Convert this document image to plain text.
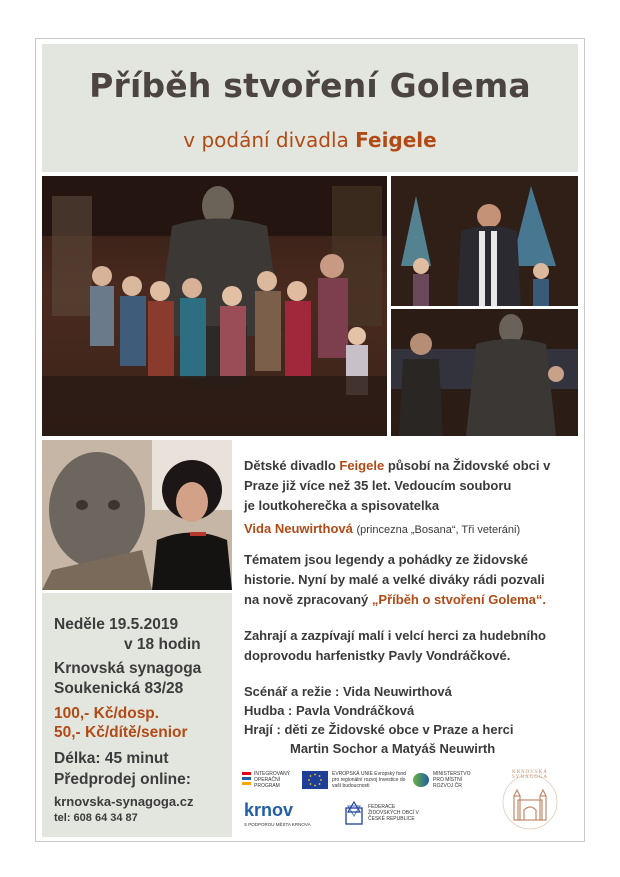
Příběh stvoření Golema
v podání divadla Feigele
Neděle 19.5.2019
v 18 hodin
Krnovská synagoga
Soukenická 83/28
100,- Kč/dosp.
50,- Kč/dítě/senior
Délka: 45 minut
Předprodej online:
krnovska-synagoga.cz
tel: 608 64 34 87
Dětské divadlo Feigele působí na Židovské obci v
Praze již více než 35 let. Vedoucím souboru
je loutkoherečka a spisovatelka
Vida Neuwirthová (princezna „Bosana“, Tři veteráni)
Tématem jsou legendy a pohádky ze židovské
historie. Nyní by malé a velké diváky rádi pozvali
na nově zpracovaný „Příběh o stvoření Golema“.
Zahrají a zazpívají malí i velcí herci za hudebního
doprovodu harfenistky Pavly Vondráčkové.
Scénář a režie : Vida Neuwirthová
Hudba : Pavla Vondráčková
Hrají : děti ze Židovské obce v Praze a herci
Martin Sochor a Matyáš Neuwirth
INTEGROVANÝ OPERAČNÍ PROGRAM
EVROPSKÁ UNIE Evropský fond pro regionální rozvoj Investice do vaší budoucnosti
MINISTERSTVO PRO MÍSTNÍ ROZVOJ ČR
krnov
S PODPOROU MĚSTA KRNOVA
FEDERACE ŽIDOVSKÝCH OBCÍ V ČESKÉ REPUBLICE
KRNOVSKÁ SYNAGOGA
